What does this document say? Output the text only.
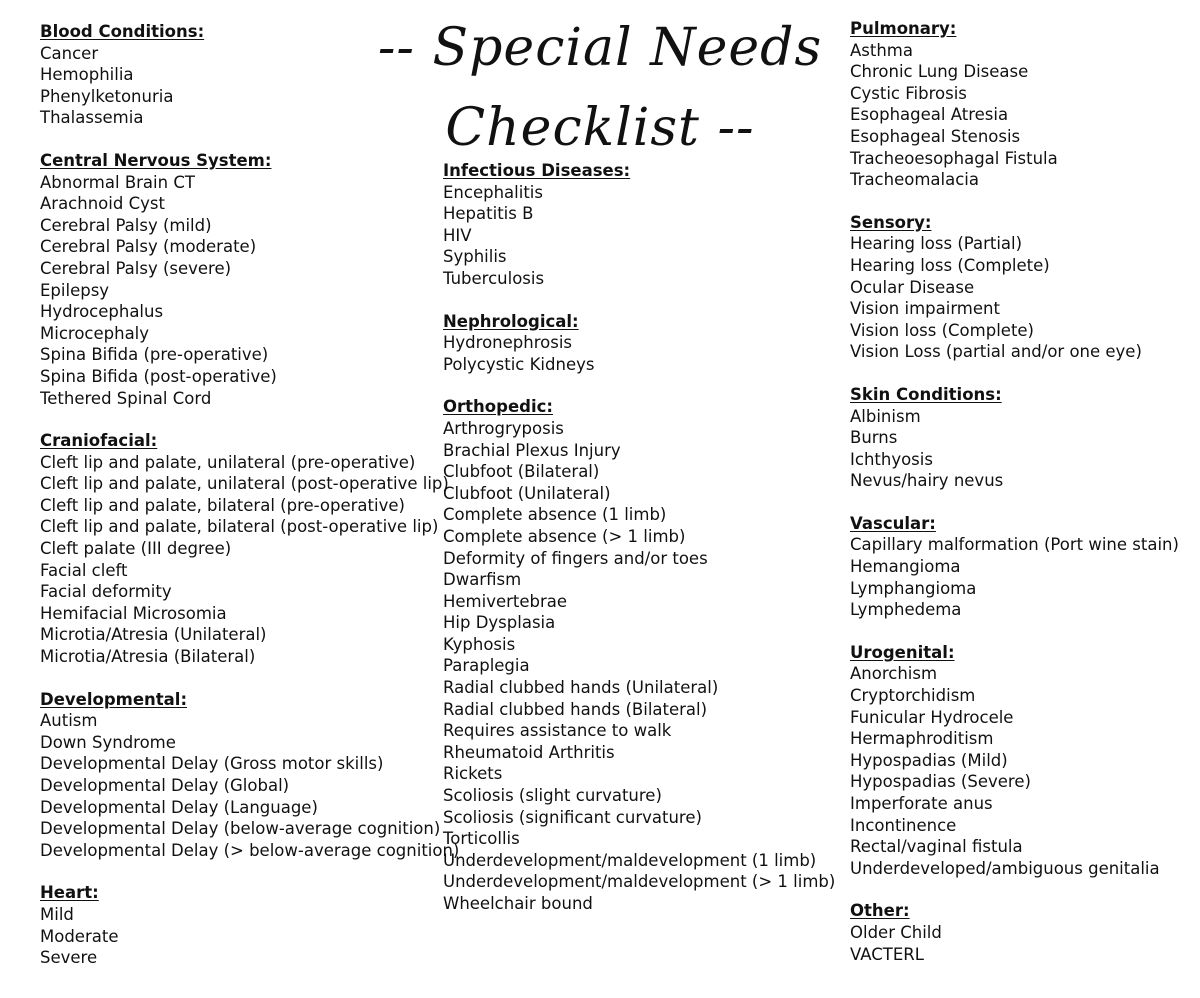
-- Special Needs Checklist --
Blood Conditions:
Cancer
Hemophilia
Phenylketonuria
Thalassemia
Central Nervous System:
Abnormal Brain CT
Arachnoid Cyst
Cerebral Palsy (mild)
Cerebral Palsy (moderate)
Cerebral Palsy (severe)
Epilepsy
Hydrocephalus
Microcephaly
Spina Bifida (pre-operative)
Spina Bifida (post-operative)
Tethered Spinal Cord
Craniofacial:
Cleft lip and palate, unilateral (pre-operative)
Cleft lip and palate, unilateral (post-operative lip)
Cleft lip and palate, bilateral (pre-operative)
Cleft lip and palate, bilateral (post-operative lip)
Cleft palate (III degree)
Facial cleft
Facial deformity
Hemifacial Microsomia
Microtia/Atresia (Unilateral)
Microtia/Atresia (Bilateral)
Developmental:
Autism
Down Syndrome
Developmental Delay (Gross motor skills)
Developmental Delay (Global)
Developmental Delay (Language)
Developmental Delay (below-average cognition)
Developmental Delay (> below-average cognition)
Heart:
Mild
Moderate
Severe
Infectious Diseases:
Encephalitis
Hepatitis B
HIV
Syphilis
Tuberculosis
Nephrological:
Hydronephrosis
Polycystic Kidneys
Orthopedic:
Arthrogryposis
Brachial Plexus Injury
Clubfoot (Bilateral)
Clubfoot (Unilateral)
Complete absence (1 limb)
Complete absence (> 1 limb)
Deformity of fingers and/or toes
Dwarfism
Hemivertebrae
Hip Dysplasia
Kyphosis
Paraplegia
Radial clubbed hands (Unilateral)
Radial clubbed hands (Bilateral)
Requires assistance to walk
Rheumatoid Arthritis
Rickets
Scoliosis (slight curvature)
Scoliosis (significant curvature)
Torticollis
Underdevelopment/maldevelopment (1 limb)
Underdevelopment/maldevelopment (> 1 limb)
Wheelchair bound
Pulmonary:
Asthma
Chronic Lung Disease
Cystic Fibrosis
Esophageal Atresia
Esophageal Stenosis
Tracheoesophagal Fistula
Tracheomalacia
Sensory:
Hearing loss (Partial)
Hearing loss (Complete)
Ocular Disease
Vision impairment
Vision loss (Complete)
Vision Loss (partial and/or one eye)
Skin Conditions:
Albinism
Burns
Ichthyosis
Nevus/hairy nevus
Vascular:
Capillary malformation (Port wine stain)
Hemangioma
Lymphangioma
Lymphedema
Urogenital:
Anorchism
Cryptorchidism
Funicular Hydrocele
Hermaphroditism
Hypospadias (Mild)
Hypospadias (Severe)
Imperforate anus
Incontinence
Rectal/vaginal fistula
Underdeveloped/ambiguous genitalia
Other:
Older Child
VACTERL
